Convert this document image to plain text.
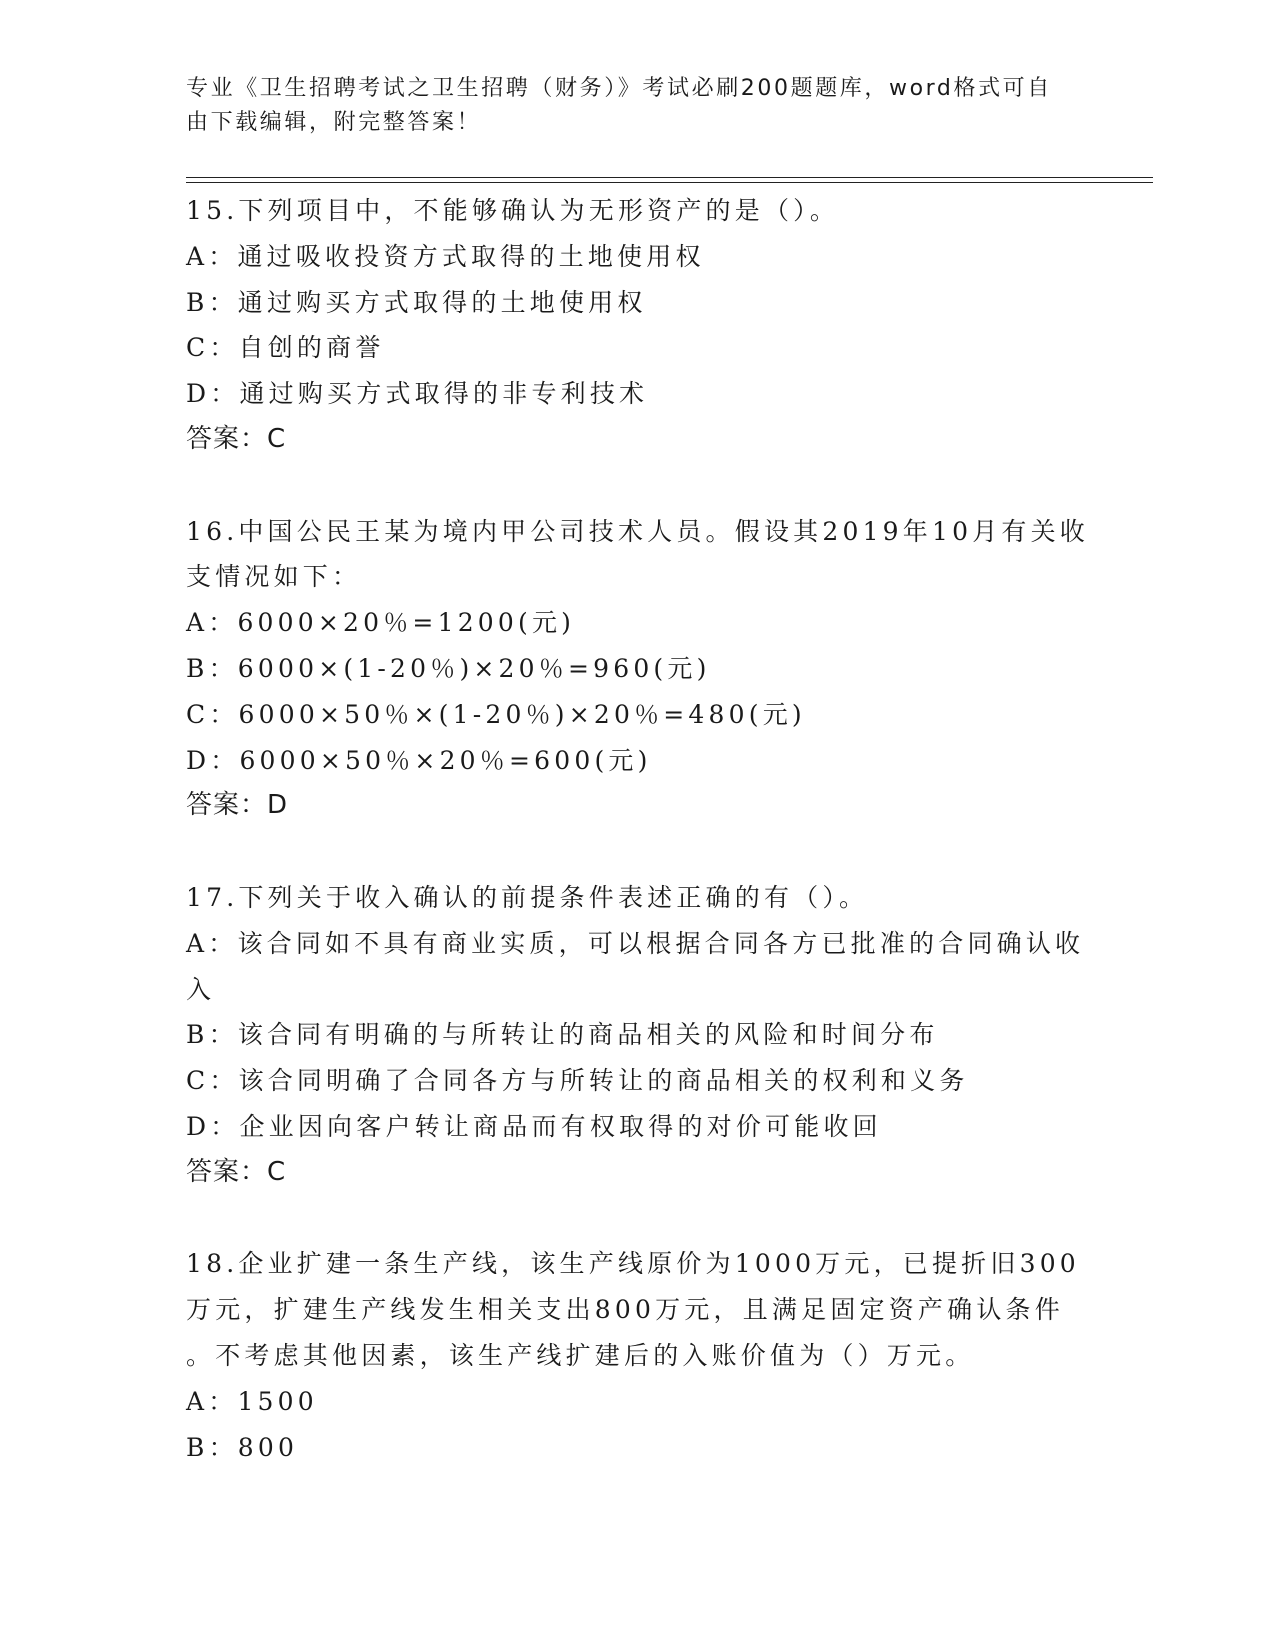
专业《卫生招聘考试之卫生招聘（财务）》考试必刷200题题库，word格式可自
由下载编辑，附完整答案！
15.下列项目中，不能够确认为无形资产的是（）。
A：通过吸收投资方式取得的土地使用权
B：通过购买方式取得的土地使用权
C：自创的商誉
D：通过购买方式取得的非专利技术
答案：C
16.中国公民王某为境内甲公司技术人员。假设其2019年10月有关收
支情况如下：
A：6000×20％=1200(元)
B：6000×(1-20％)×20％=960(元)
C：6000×50％×(1-20％)×20％=480(元)
D：6000×50％×20％=600(元)
答案：D
17.下列关于收入确认的前提条件表述正确的有（）。
A：该合同如不具有商业实质，可以根据合同各方已批准的合同确认收
入
B：该合同有明确的与所转让的商品相关的风险和时间分布
C：该合同明确了合同各方与所转让的商品相关的权利和义务
D：企业因向客户转让商品而有权取得的对价可能收回
答案：C
18.企业扩建一条生产线，该生产线原价为1000万元，已提折旧300
万元，扩建生产线发生相关支出800万元，且满足固定资产确认条件
。不考虑其他因素，该生产线扩建后的入账价值为（）万元。
A：1500
B：800
